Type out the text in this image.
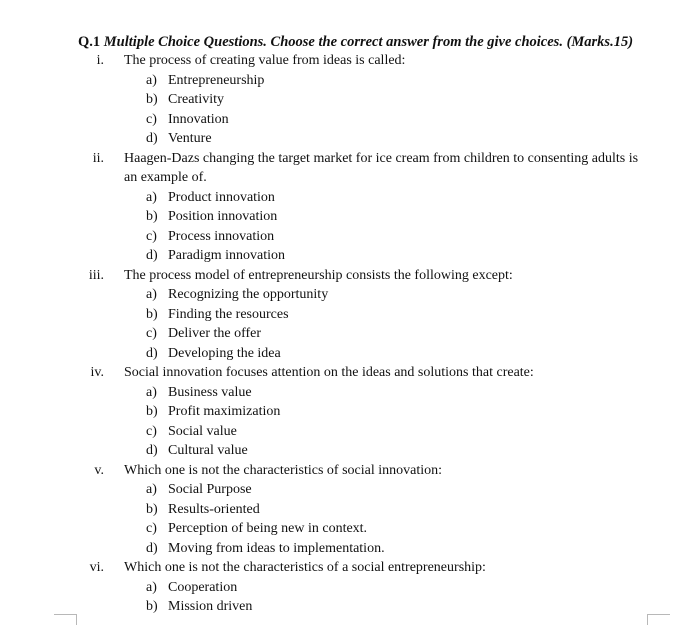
Q.1 Multiple Choice Questions. Choose the correct answer from the give choices. (Marks.15)
i. The process of creating value from ideas is called:
a) Entrepreneurship
b) Creativity
c) Innovation
d) Venture
ii. Haagen-Dazs changing the target market for ice cream from children to consenting adults is an example of.
a) Product innovation
b) Position innovation
c) Process innovation
d) Paradigm innovation
iii. The process model of entrepreneurship consists the following except:
a) Recognizing the opportunity
b) Finding the resources
c) Deliver the offer
d) Developing the idea
iv. Social innovation focuses attention on the ideas and solutions that create:
a) Business value
b) Profit maximization
c) Social value
d) Cultural value
v. Which one is not the characteristics of social innovation:
a) Social Purpose
b) Results-oriented
c) Perception of being new in context.
d) Moving from ideas to implementation.
vi. Which one is not the characteristics of a social entrepreneurship:
a) Cooperation
b) Mission driven
